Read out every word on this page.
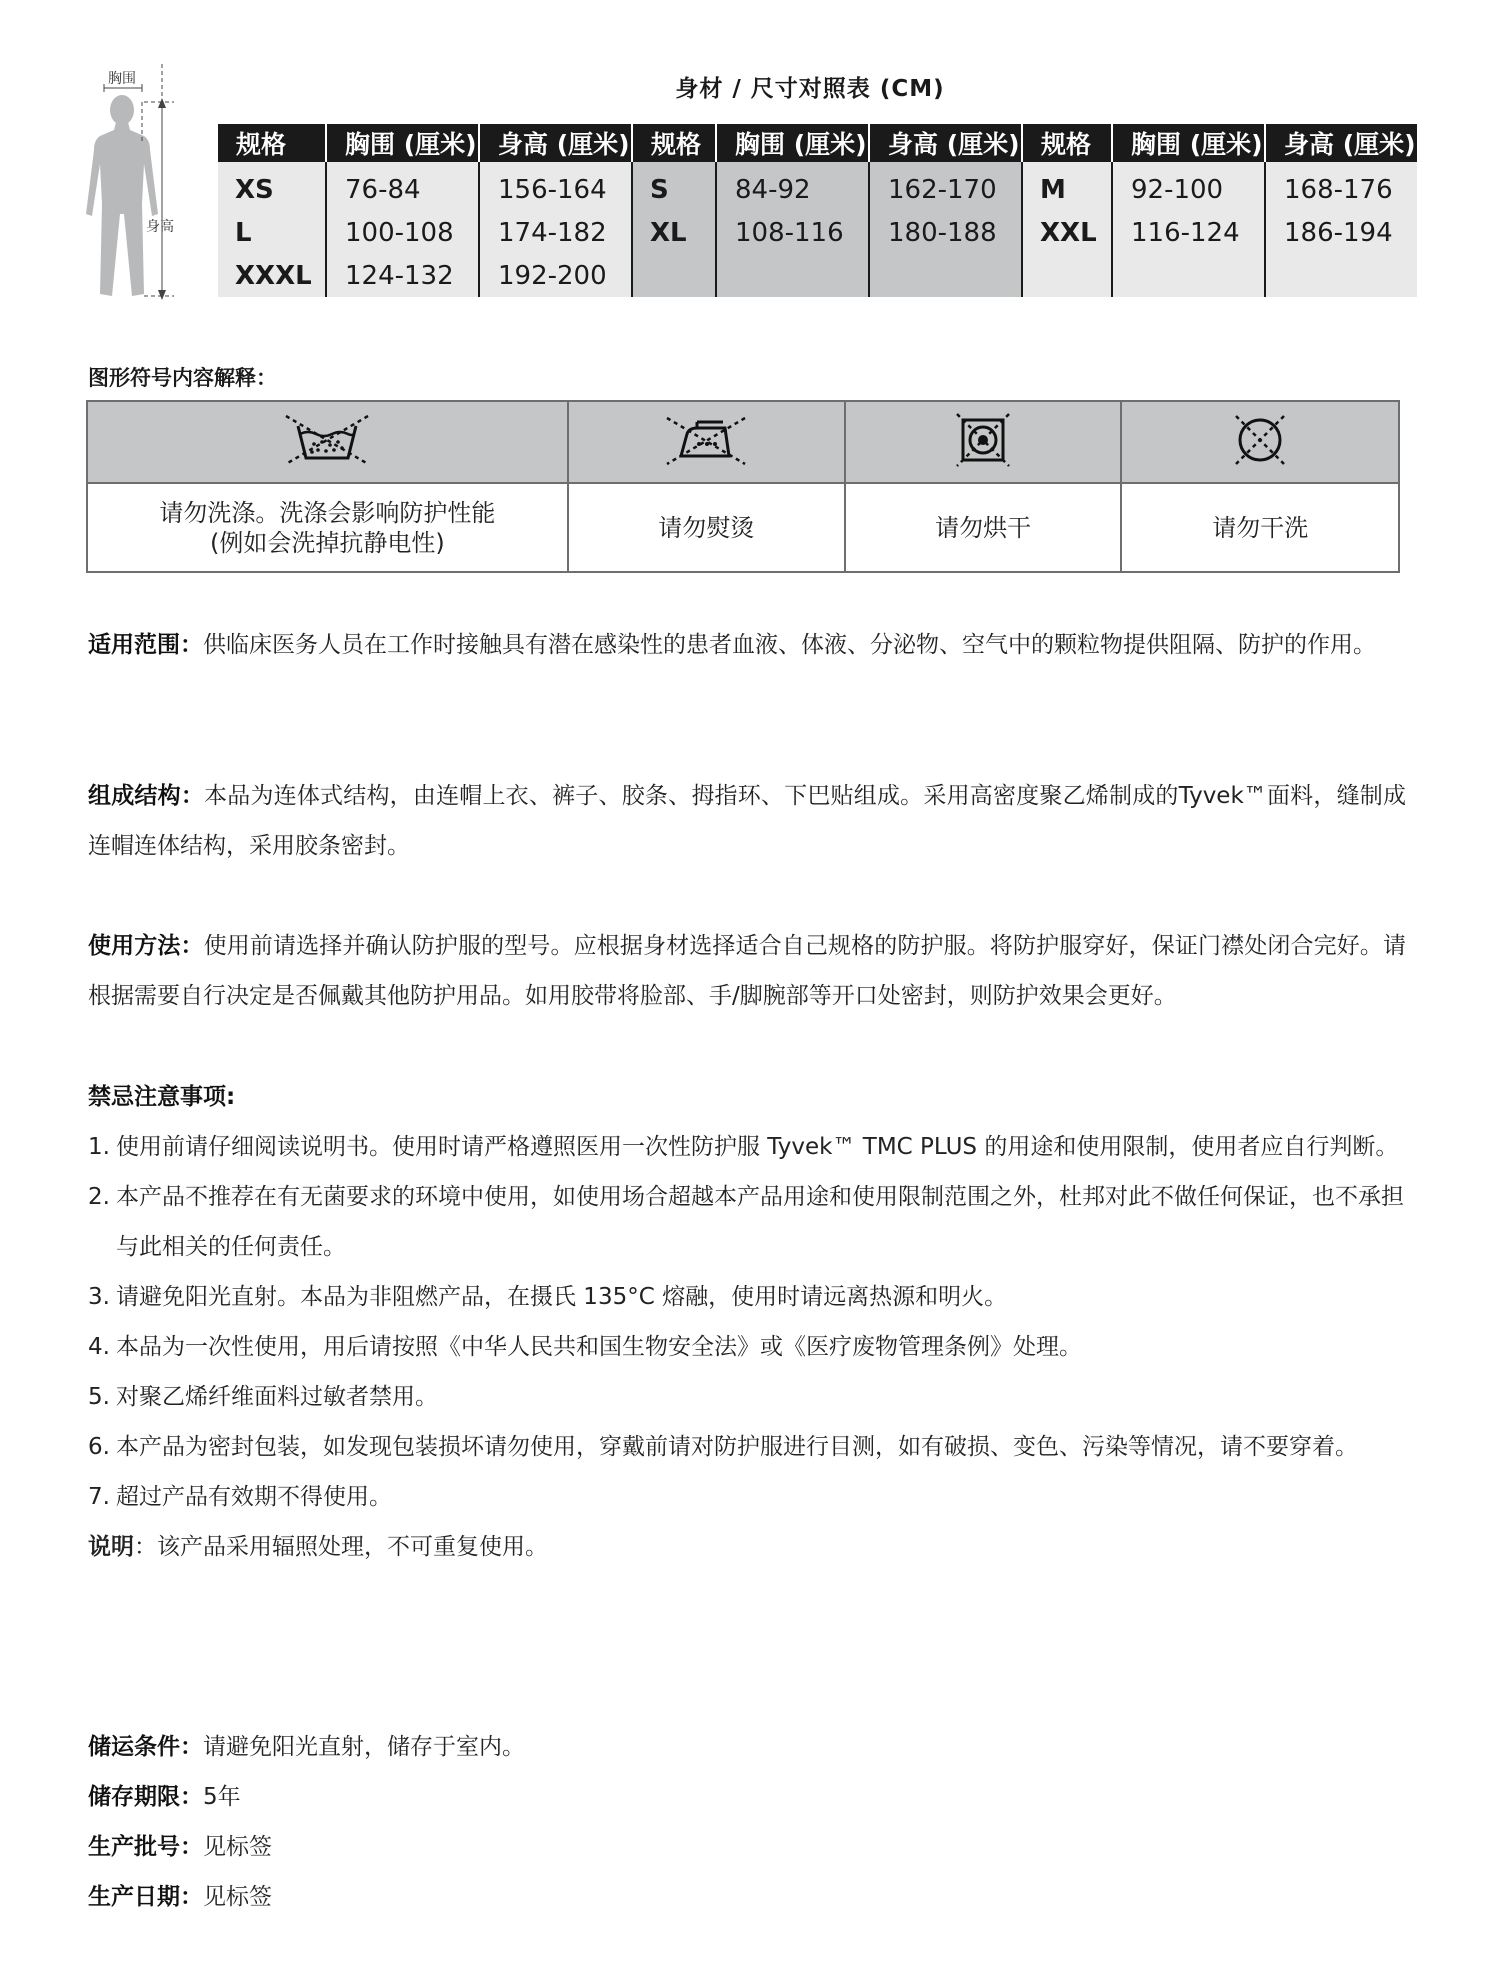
胸围
身高
身材 / 尺寸对照表 (CM)
规格	胸围 (厘米)	身高 (厘米)	规格	胸围 (厘米)	身高 (厘米)	规格	胸围 (厘米)	身高 (厘米)
XS	76-84	156-164	S	84-92	162-170	M	92-100	168-176
L	100-108	174-182	XL	108-116	180-188	XXL	116-124	186-194
XXXL	124-132	192-200						
图形符号内容解释：

请勿洗涤。洗涤会影响防护性能
(例如会洗掉抗静电性)	请勿熨烫	请勿烘干	请勿干洗
适用范围：供临床医务人员在工作时接触具有潜在感染性的患者血液、体液、分泌物、空气中的颗粒物提供阻隔、防护的作用。
组成结构：本品为连体式结构，由连帽上衣、裤子、胶条、拇指环、下巴贴组成。采用高密度聚乙烯制成的Tyvek™面料，缝制成连帽连体结构，采用胶条密封。
使用方法：使用前请选择并确认防护服的型号。应根据身材选择适合自己规格的防护服。将防护服穿好，保证门襟处闭合完好。请根据需要自行决定是否佩戴其他防护用品。如用胶带将脸部、手/脚腕部等开口处密封，则防护效果会更好。
禁忌注意事项:
1. 使用前请仔细阅读说明书。使用时请严格遵照医用一次性防护服 Tyvek™ TMC PLUS 的用途和使用限制，使用者应自行判断。
2. 本产品不推荐在有无菌要求的环境中使用，如使用场合超越本产品用途和使用限制范围之外，杜邦对此不做任何保证，也不承担与此相关的任何责任。
3. 请避免阳光直射。本品为非阻燃产品，在摄氏 135°C 熔融，使用时请远离热源和明火。
4. 本品为一次性使用，用后请按照《中华人民共和国生物安全法》或《医疗废物管理条例》处理。
5. 对聚乙烯纤维面料过敏者禁用。
6. 本产品为密封包装，如发现包装损坏请勿使用，穿戴前请对防护服进行目测，如有破损、变色、污染等情况，请不要穿着。
7. 超过产品有效期不得使用。
说明：该产品采用辐照处理，不可重复使用。
储运条件：请避免阳光直射，储存于室内。
储存期限：5年
生产批号：见标签
生产日期：见标签
